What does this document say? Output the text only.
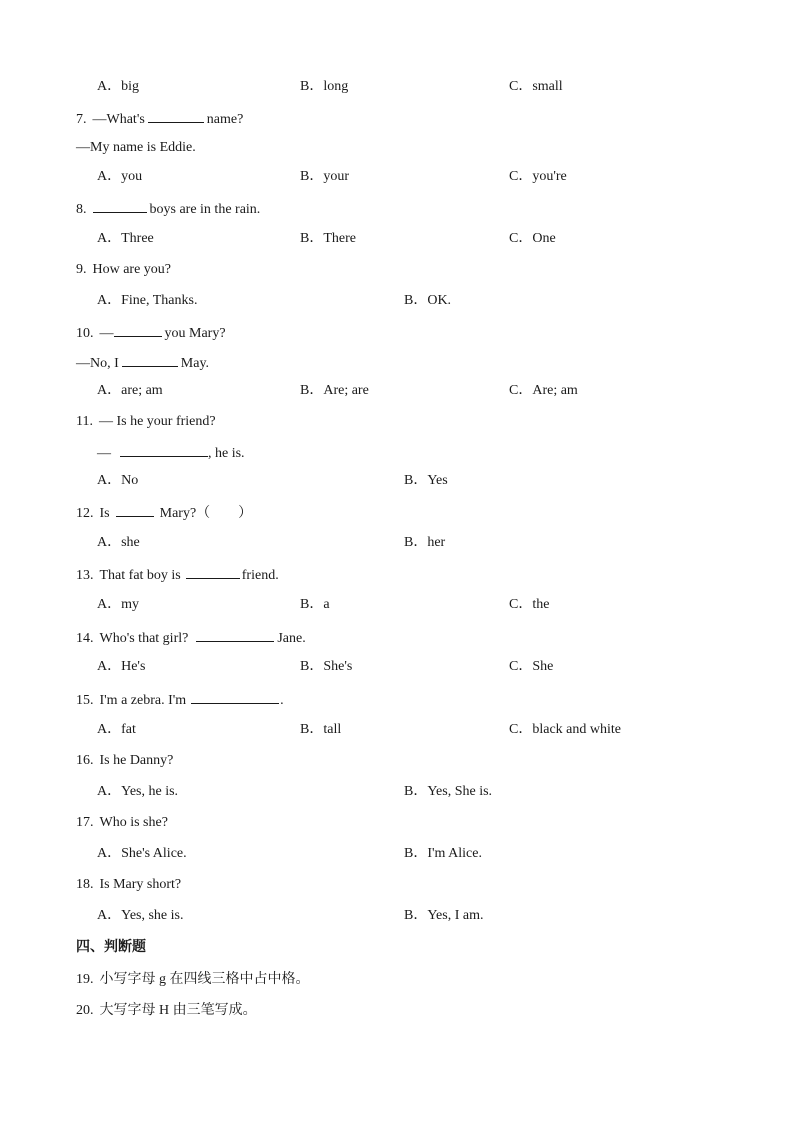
A．big	B．long	C．small
7. —What's	name?
—My name is Eddie.
A．you	B．your	C．you're
8.	boys are in the rain.
A．Three	B．There	C．One
9. How are you?
A．Fine, Thanks.	B．OK.
10. —	you Mary?
—No, I	May.
A．are; am	B．Are; are	C．Are; am
11. — Is he your friend?
—	, he is.
A．No	B．Yes
12. Is	Mary?（　　）
A．she	B．her
13. That fat boy is	friend.
A．my	B．a	C．the
14. Who's that girl?	Jane.
A．He's	B．She's	C．She
15. I'm a zebra. I'm	.
A．fat	B．tall	C．black and white
16. Is he Danny?
A．Yes, he is.	B．Yes, She is.
17. Who is she?
A．She's Alice.	B．I'm Alice.
18. Is Mary short?
A．Yes, she is.	B．Yes, I am.
四、判断题
19. 小写字母 g 在四线三格中占中格。
20. 大写字母 H 由三笔写成。
